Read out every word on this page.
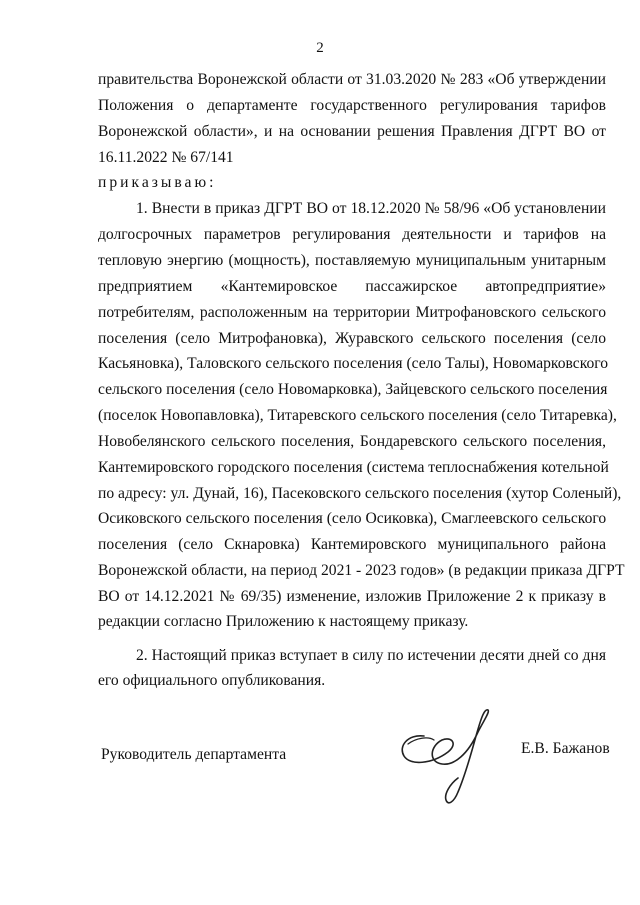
2
правительства Воронежской области от 31.03.2020 № 283 «Об утверждении
Положения о департаменте государственного регулирования тарифов
Воронежской области», и на основании решения Правления ДГРТ ВО от
16.11.2022 № 67/141
приказываю:
1. Внести в приказ ДГРТ ВО от 18.12.2020 № 58/96 «Об установлении
долгосрочных параметров регулирования деятельности и тарифов на
тепловую энергию (мощность), поставляемую муниципальным унитарным
предприятием «Кантемировское пассажирское автопредприятие»
потребителям, расположенным на территории Митрофановского сельского
поселения (село Митрофановка), Журавского сельского поселения (село
Касьяновка), Таловского сельского поселения (село Талы), Новомарковского
сельского поселения (село Новомарковка), Зайцевского сельского поселения
(поселок Новопавловка), Титаревского сельского поселения (село Титаревка),
Новобелянского сельского поселения, Бондаревского сельского поселения,
Кантемировского городского поселения (система теплоснабжения котельной
по адресу: ул. Дунай, 16), Пасековского сельского поселения (хутор Соленый),
Осиковского сельского поселения (село Осиковка), Смаглеевского сельского
поселения (село Скнаровка) Кантемировского муниципального района
Воронежской области, на период 2021 - 2023 годов» (в редакции приказа ДГРТ
ВО от 14.12.2021 № 69/35) изменение, изложив Приложение 2 к приказу в
редакции согласно Приложению к настоящему приказу.
2. Настоящий приказ вступает в силу по истечении десяти дней со дня
его официального опубликования.
Руководитель департамента	Е.В. Бажанов
